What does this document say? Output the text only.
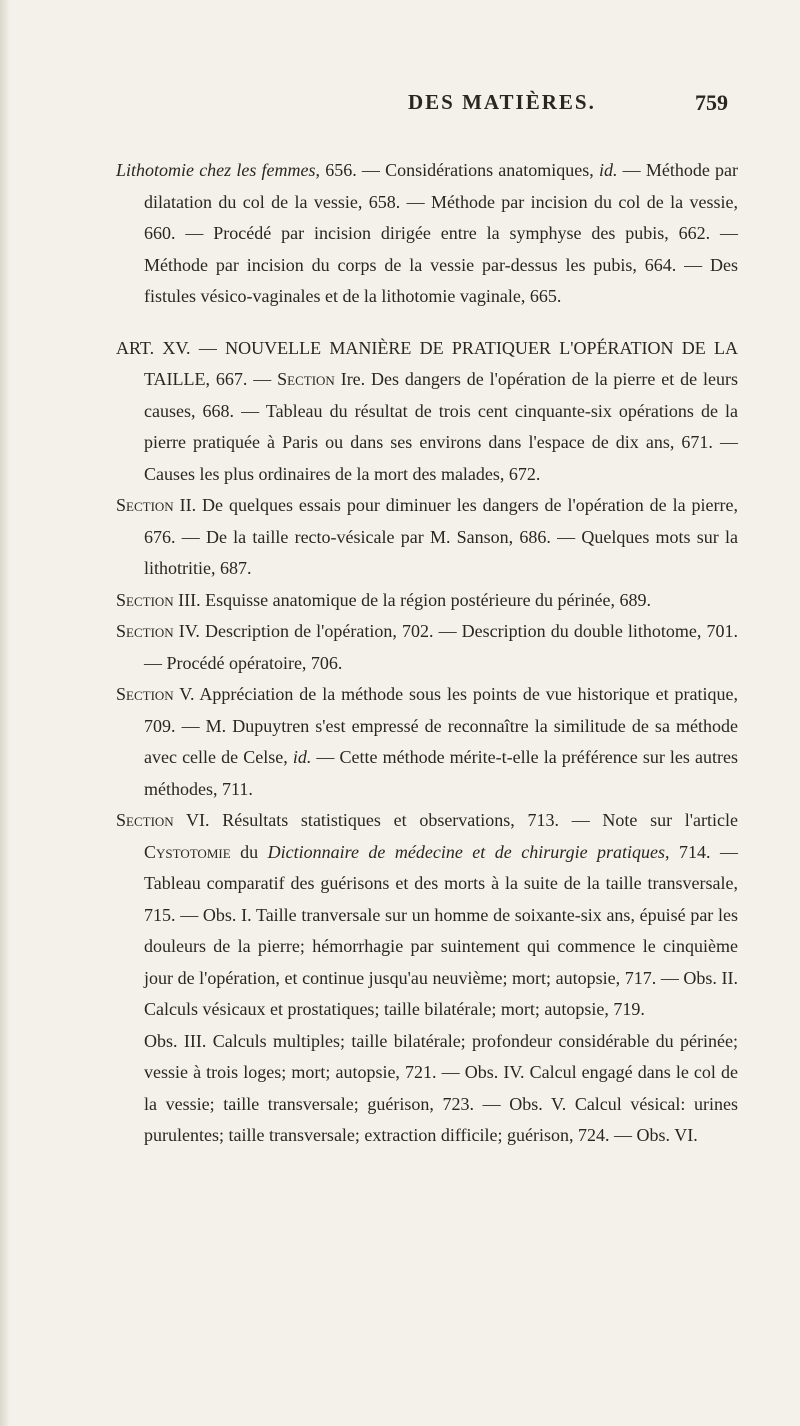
DES MATIÈRES.	759

Lithotomie chez les femmes, 656. — Considérations anatomiques, id. — Méthode par dilatation du col de la vessie, 658. — Méthode par incision du col de la vessie, 660. — Procédé par incision dirigée entre la symphyse des pubis, 662. — Méthode par incision du corps de la vessie par-dessus les pubis, 664. — Des fistules vésico-vaginales et de la lithotomie vaginale, 665.

ART. XV. — NOUVELLE MANIÈRE DE PRATIQUER L'OPÉRATION DE LA TAILLE, 667. — Section Ire. Des dangers de l'opération de la pierre et de leurs causes, 668. — Tableau du résultat de trois cent cinquante-six opérations de la pierre pratiquée à Paris ou dans ses environs dans l'espace de dix ans, 671. — Causes les plus ordinaires de la mort des malades, 672.

Section II. De quelques essais pour diminuer les dangers de l'opération de la pierre, 676. — De la taille recto-vésicale par M. Sanson, 686. — Quelques mots sur la lithotritie, 687.

Section III. Esquisse anatomique de la région postérieure du périnée, 689.

Section IV. Description de l'opération, 702. — Description du double lithotome, 701. — Procédé opératoire, 706.

Section V. Appréciation de la méthode sous les points de vue historique et pratique, 709. — M. Dupuytren s'est empressé de reconnaître la similitude de sa méthode avec celle de Celse, id. — Cette méthode mérite-t-elle la préférence sur les autres méthodes, 711.

Section VI. Résultats statistiques et observations, 713. — Note sur l'article Cystotomie du Dictionnaire de médecine et de chirurgie pratiques, 714. — Tableau comparatif des guérisons et des morts à la suite de la taille transversale, 715. — Obs. I. Taille tranversale sur un homme de soixante-six ans, épuisé par les douleurs de la pierre; hémorrhagie par suintement qui commence le cinquième jour de l'opération, et continue jusqu'au neuvième; mort; autopsie, 717. — Obs. II. Calculs vésicaux et prostatiques; taille bilatérale; mort; autopsie, 719.

Obs. III. Calculs multiples; taille bilatérale; profondeur considérable du périnée; vessie à trois loges; mort; autopsie, 721. — Obs. IV. Calcul engagé dans le col de la vessie; taille transversale; guérison, 723. — Obs. V. Calcul vésical: urines purulentes; taille transversale; extraction difficile; guérison, 724. — Obs. VI.
